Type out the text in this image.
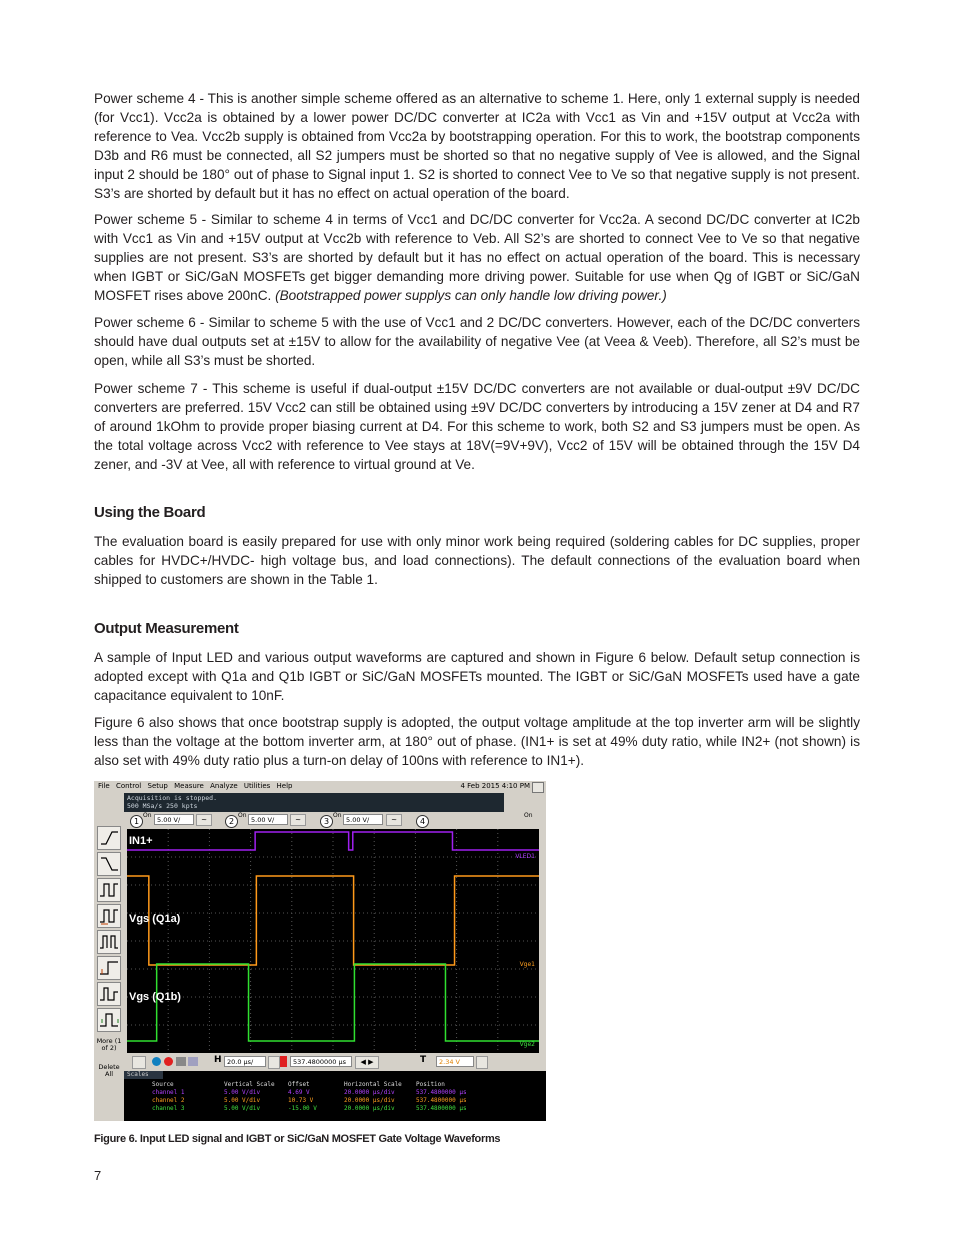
Power scheme 4 - This is another simple scheme offered as an alternative to scheme 1. Here, only 1 external supply is needed (for Vcc1). Vcc2a is obtained by a lower power DC/DC converter at IC2a with Vcc1 as Vin and +15V output at Vcc2a with reference to Vea. Vcc2b supply is obtained from Vcc2a by bootstrapping operation. For this to work, the bootstrap components D3b and R6 must be connected, all S2 jumpers must be shorted so that no negative supply of Vee is allowed, and the Signal input 2 should be 180° out of phase to Signal input 1. S2 is shorted to connect Vee to Ve so that negative supply is not present. S3’s are shorted by default but it has no effect on actual operation of the board.

Power scheme 5 - Similar to scheme 4 in terms of Vcc1 and DC/DC converter for Vcc2a. A second DC/DC converter at IC2b with Vcc1 as Vin and +15V output at Vcc2b with reference to Veb. All S2’s are shorted to connect Vee to Ve so that negative supplies are not present. S3’s are shorted by default but it has no effect on actual operation of the board. This is necessary when IGBT or SiC/GaN MOSFETs get bigger demanding more driving power. Suitable for use when Qg of IGBT or SiC/GaN MOSFET rises above 200nC. (Bootstrapped power supplys can only handle low driving power.)

Power scheme 6 - Similar to scheme 5 with the use of Vcc1 and 2 DC/DC converters. However, each of the DC/DC converters should have dual outputs set at ±15V to allow for the availability of negative Vee (at Veea & Veeb). Therefore, all S2’s must be open, while all S3’s must be shorted.

Power scheme 7 - This scheme is useful if dual-output ±15V DC/DC converters are not available or dual-output ±9V DC/DC converters are preferred. 15V Vcc2 can still be obtained using ±9V DC/DC converters by introducing a 15V zener at D4 and R7 of around 1kOhm to provide proper biasing current at D4. For this scheme to work, both S2 and S3 jumpers must be open. As the total voltage across Vcc2 with reference to Vee stays at 18V(=9V+9V), Vcc2 of 15V will be obtained through the 15V D4 zener, and -3V at Vee, all with reference to virtual ground at Ve.

Using the Board

The evaluation board is easily prepared for use with only minor work being required (soldering cables for DC supplies, proper cables for HVDC+/HVDC- high voltage bus, and load connections). The default connections of the evaluation board when shipped to customers are shown in the Table 1.

Output Measurement

A sample of Input LED and various output waveforms are captured and shown in Figure 6 below. Default setup connection is adopted except with Q1a and Q1b IGBT or SiC/GaN MOSFETs mounted. The IGBT or SiC/GaN MOSFETs used have a gate capacitance equivalent to 10nF.

Figure 6 also shows that once bootstrap supply is adopted, the output voltage amplitude at the top inverter arm will be slightly less than the voltage at the bottom inverter arm, at 180° out of phase. (IN1+ is set at 49% duty ratio, while IN2+ (not shown) is also set with 49% duty ratio plus a turn-on delay of 100ns with reference to IN1+).

File Control Setup Measure Analyze Utilities Help	4 Feb 2015 4:10 PM
More (1 of 2)
Delete All
Acquisition is stopped.
500 MSa/s 250 kpts
1
On
5.00 V/	~	2
On
5.00 V/	~	3
On
5.00 V/	~	4
On
IN1+
Vgs (Q1a)
Vgs (Q1b)
VLED1
Vge1
Vge2
H 20.0 µs/	537.4800000 µs	◀ ▶	T	2.34 V
Scales
Source	Vertical Scale Offset	Horizontal Scale Position
channel 1	5.00 V/div	4.69 V	20.0000 µs/div	537.4800000 µs
channel 2	5.00 V/div	10.73 V	20.0000 µs/div	537.4800000 µs
channel 3	5.00 V/div	-15.00 V	20.0000 µs/div	537.4800000 µs
Figure 6. Input LED signal and IGBT or SiC/GaN MOSFET Gate Voltage Waveforms
7
